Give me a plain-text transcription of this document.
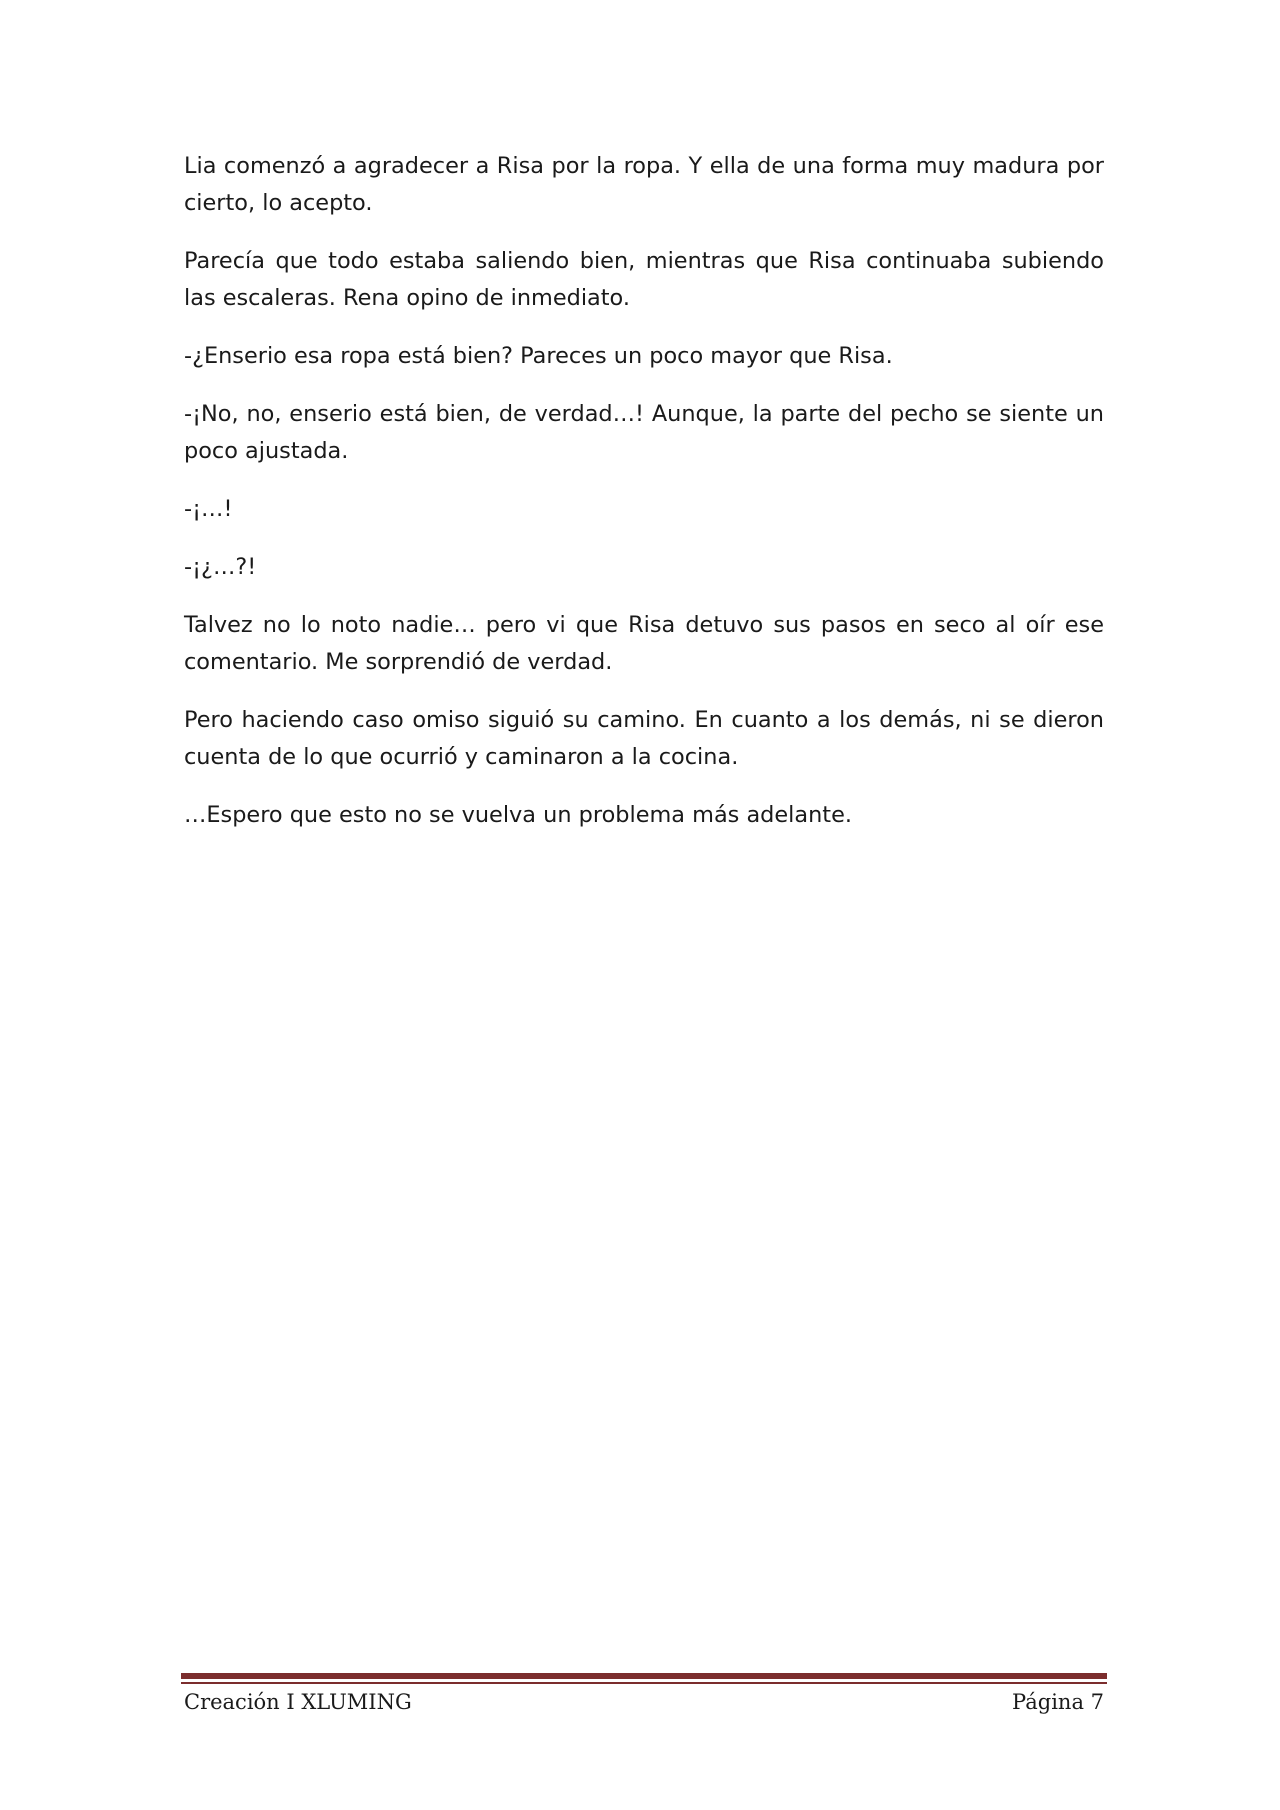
Lia comenzó a agradecer a Risa por la ropa. Y ella de una forma muy madura por cierto, lo acepto.

Parecía que todo estaba saliendo bien, mientras que Risa continuaba subiendo las escaleras. Rena opino de inmediato.

-¿Enserio esa ropa está bien? Pareces un poco mayor que Risa.

-¡No, no, enserio está bien, de verdad…! Aunque, la parte del pecho se siente un poco ajustada.

-¡…!

-¡¿…?!

Talvez no lo noto nadie… pero vi que Risa detuvo sus pasos en seco al oír ese comentario. Me sorprendió de verdad.

Pero haciendo caso omiso siguió su camino. En cuanto a los demás, ni se dieron cuenta de lo que ocurrió y caminaron a la cocina.

…Espero que esto no se vuelva un problema más adelante.

Creación I XLUMING	Página 7
